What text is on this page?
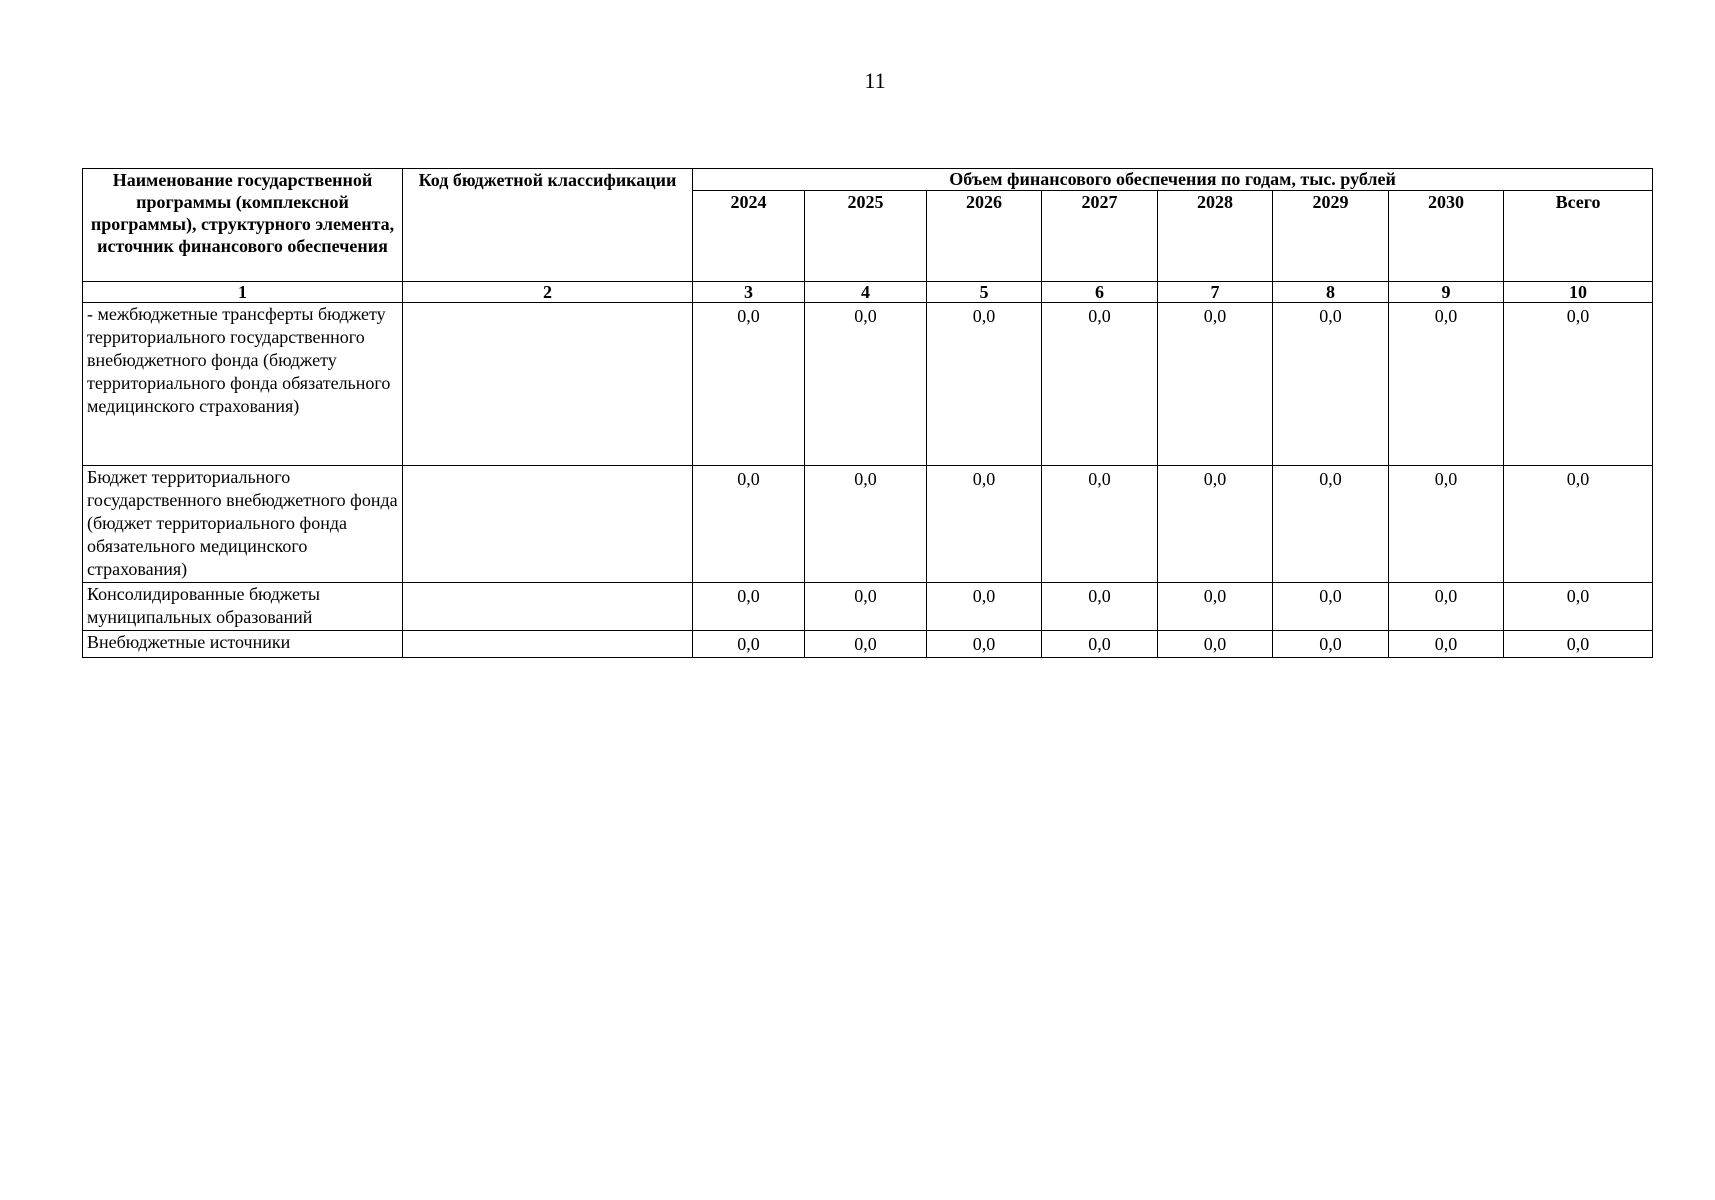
11
Наименование государственной программы (комплексной программы), структурного элемента, источник финансового обеспечения	Код бюджетной классификации	Объем финансового обеспечения по годам, тыс. рублей							
		2024	2025	2026	2027	2028	2029	2030	Всего
1	2	3	4	5	6	7	8	9	10
- межбюджетные трансферты бюджету территориального государственного внебюджетного фонда (бюджету территориального фонда обязательного медицинского страхования)		0,0	0,0	0,0	0,0	0,0	0,0	0,0	0,0
Бюджет территориального государственного внебюджетного фонда (бюджет территориального фонда обязательного медицинского страхования)		0,0	0,0	0,0	0,0	0,0	0,0	0,0	0,0
Консолидированные бюджеты муниципальных образований		0,0	0,0	0,0	0,0	0,0	0,0	0,0	0,0
Внебюджетные источники		0,0	0,0	0,0	0,0	0,0	0,0	0,0	0,0
